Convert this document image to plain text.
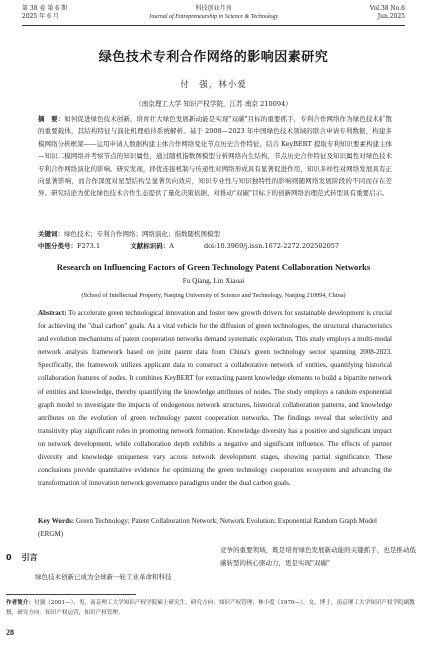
第 38 卷 第 6 期
2025 年 6 月
科技创业月刊
Journal of Entrepreneurship in Science & Technology
Vol.38 No.6
Jun.2025
绿色技术专利合作网络的影响因素研究
付　强，林小爱
（南京理工大学 知识产权学院，江苏 南京 210094）
摘　要：如何促进绿色技术创新，培育壮大绿色发展新动能是实现"双碳"目标的重要抓手，专利合作网络作为绿色技术扩散的重要载体，其结构特征与演化机理亟待系统解析。基于 2008—2023 年中国绿色技术领域的联合申请专利数据，构建多模网络分析框架——运用申请人数据构建主体合作网络变化节点历史合作特征，结合 KeyBERT 提取专利知识要素构建主体—知识二模网络并考察节点的知识属性，通过随机指数图模型分析网络内生结构，节点历史合作特征及知识属性对绿色技术专利合作网络演化的影响。研究发现，择优连接机制与传递性对网络形成具有显著促进作用，知识多样性对网络发展具有正向显著影响，而合作深度对星型结构呈显著负向效应，知识专业性与知识独特性的影响则随网络发展阶段的不同而存在差异。研究结论为优化绿色技术合作生态提供了量化决策依据，对推动"双碳"目标下的创新网络治理范式转型具有重要启示。
关键词：绿色技术；专利合作网络；网络演化；指数随机图模型
中图分类号：F273.1	文献标识码：A	doi:10.3969/j.issn.1672-2272.202502057
Research on Influencing Factors of Green Technology Patent Collaboration Networks
Fu Qiang, Lin Xiaoai
(School of Intellectual Property, Nanjing University of Science and Technology, Nanjing 210094, China)
Abstract: To accelerate green technological innovation and foster new growth drivers for sustainable development is crucial for achieving the "dual carbon" goals. As a vital vehicle for the diffusion of green technologies, the structural characteristics and evolution mechanisms of patent cooperation networks demand systematic exploration. This study employs a multi-modal network analysis framework based on joint patent data from China's green technology sector spanning 2008-2023. Specifically, the framework utilizes applicant data to construct a collaborative network of entities, quantifying historical collaboration features of nodes. It combines KeyBERT for extracting patent knowledge elements to build a bipartite network of entities and knowledge, thereby quantifying the knowledge attributes of nodes. The study employs a random exponential graph model to investigate the impacts of endogenous network structures, historical collaboration patterns, and knowledge attributes on the evolution of green technology patent cooperation networks. The findings reveal that selectivity and transitivity play significant roles in promoting network formation. Knowledge diversity has a positive and significant impact on network development, while collaboration depth exhibits a negative and significant influence. The effects of partner diversity and knowledge uniqueness vary across network development stages, showing partial significance. These conclusions provide quantitative evidence for optimizing the green technology cooperation ecosystem and advancing the transformation of innovation network governance paradigms under the dual carbon goals.
Key Words: Green Technology; Patent Collaboration Network; Network Evolution; Exponential Random Graph Model (ERGM)
0 引言
绿色技术创新已成为全球新一轮工业革命和科技
竞争的重要领域，既是培育绿色发展新动能的关键抓手，也是推动低碳转型的核心驱动力，更是实现"双碳"
作者简介：付强（2001—），男，南京理工大学知识产权学院硕士研究生，研究方向：知识产权管理；林小爱（1976—），女，博士，南京理工大学知识产权学院副教授，研究方向：知识产权运营，知识产权管理。
28
